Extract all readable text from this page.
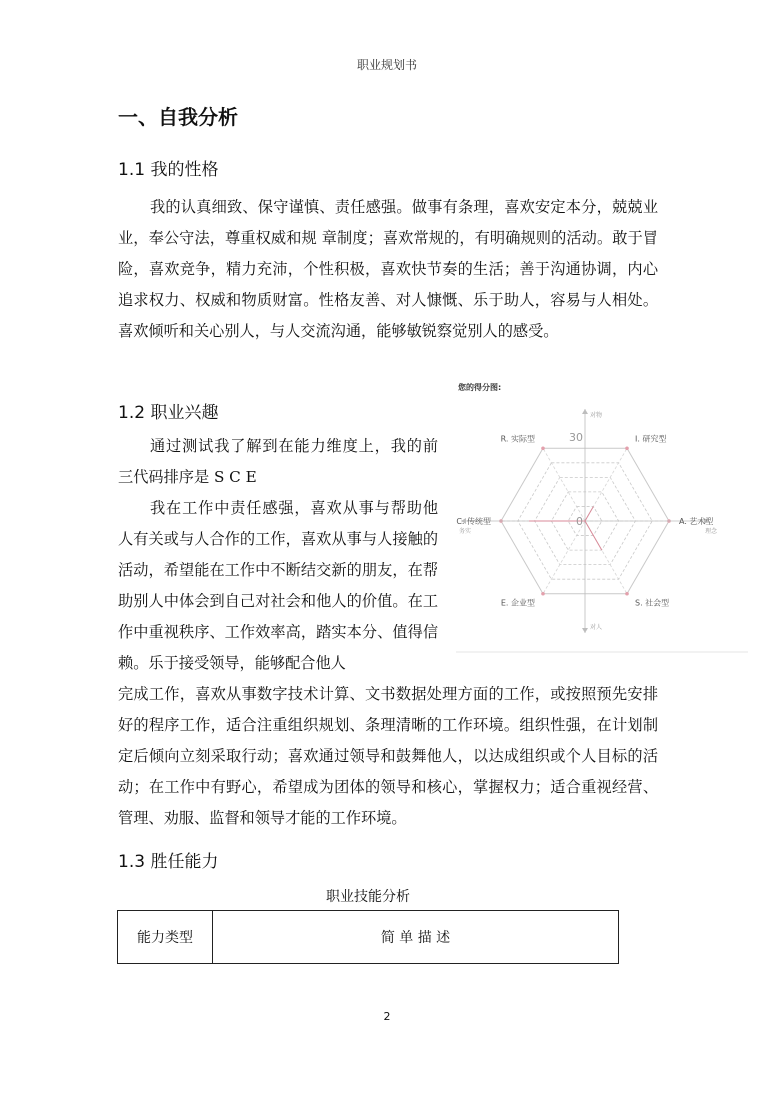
职业规划书
一、自我分析
1.1 我的性格
我的认真细致、保守谨慎、责任感强。做事有条理，喜欢安定本分，兢兢业业，奉公守法，尊重权威和规 章制度；喜欢常规的，有明确规则的活动。敢于冒险，喜欢竞争，精力充沛，个性积极，喜欢快节奏的生活；善于沟通协调，内心追求权力、权威和物质财富。性格友善、对人慷慨、乐于助人，容易与人相处。喜欢倾听和关心别人，与人交流沟通，能够敏锐察觉别人的感受。
1.2 职业兴趣
通过测试我了解到在能力维度上，我的前三代码排序是 S C E
我在工作中责任感强，喜欢从事与帮助他人有关或与人合作的工作，喜欢从事与人接触的活动，希望能在工作中不断结交新的朋友，在帮助别人中体会到自己对社会和他人的价值。在工作中重视秩序、工作效率高，踏实本分、值得信赖。乐于接受领导，能够配合他人
完成工作，喜欢从事数字技术计算、文书数据处理方面的工作，或按照预先安排好的程序工作，适合注重组织规划、条理清晰的工作环境。组织性强，在计划制定后倾向立刻采取行动；喜欢通过领导和鼓舞他人，以达成组织或个人目标的活动；在工作中有野心，希望成为团体的领导和核心，掌握权力；适合重视经营、管理、劝服、监督和领导才能的工作环境。
您的得分图:
R. 实际型	I. 研究型
A. 艺术型
S. 社会型
E. 企业型
C. 传统型
30
0
对物
对人
务实	理念
1.3 胜任能力
职业技能分析
能力类型	简 单 描 述
2
